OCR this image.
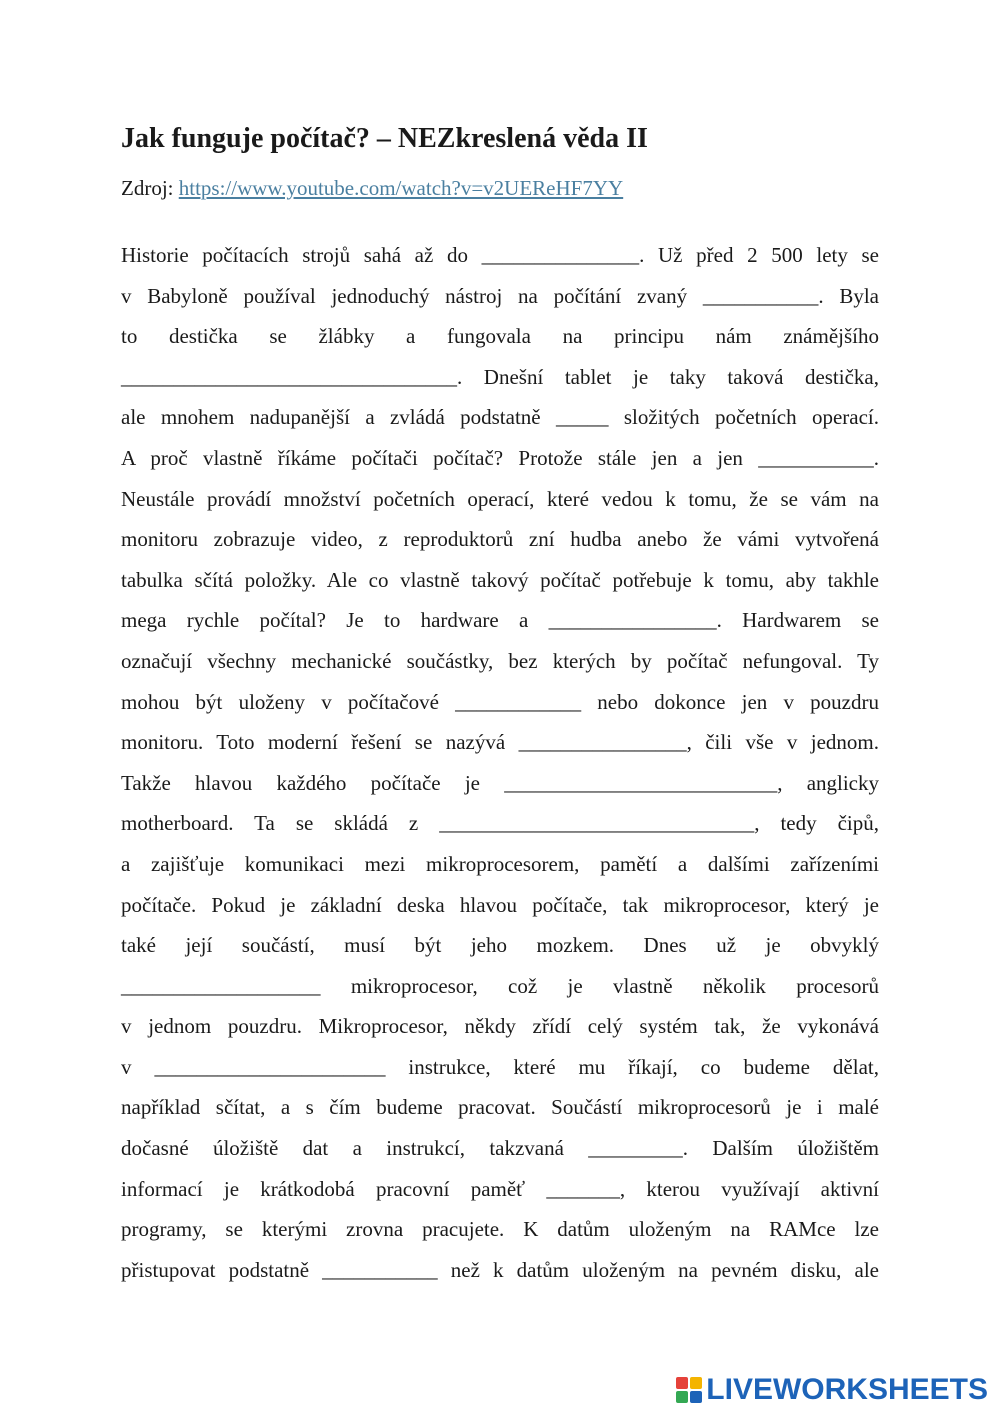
Jak funguje počítač? – NEZkreslená věda II
Zdroj: https://www.youtube.com/watch?v=v2UEReHF7YY
Historie počítacích strojů sahá až do _______________. Už před 2 500 lety se
v Babyloně používal jednoduchý nástroj na počítání zvaný ___________. Byla
to destička se žlábky a fungovala na principu nám známějšího
________________________________. Dnešní tablet je taky taková destička,
ale mnohem nadupanější a zvládá podstatně _____ složitých početních operací.
A proč vlastně říkáme počítači počítač? Protože stále jen a jen ___________.
Neustále provádí množství početních operací, které vedou k tomu, že se vám na
monitoru zobrazuje video, z reproduktorů zní hudba anebo že vámi vytvořená
tabulka sčítá položky. Ale co vlastně takový počítač potřebuje k tomu, aby takhle
mega rychle počítal? Je to hardware a ________________. Hardwarem se
označují všechny mechanické součástky, bez kterých by počítač nefungoval. Ty
mohou být uloženy v počítačové ____________ nebo dokonce jen v pouzdru
monitoru. Toto moderní řešení se nazývá ________________, čili vše v jednom.
Takže hlavou každého počítače je __________________________, anglicky
motherboard. Ta se skládá z ______________________________, tedy čipů,
a zajišťuje komunikaci mezi mikroprocesorem, pamětí a dalšími zařízeními
počítače. Pokud je základní deska hlavou počítače, tak mikroprocesor, který je
také její součástí, musí být jeho mozkem. Dnes už je obvyklý
___________________ mikroprocesor, což je vlastně několik procesorů
v jednom pouzdru. Mikroprocesor, někdy zřídí celý systém tak, že vykonává
v ______________________ instrukce, které mu říkají, co budeme dělat,
například sčítat, a s čím budeme pracovat. Součástí mikroprocesorů je i malé
dočasné úložiště dat a instrukcí, takzvaná _________. Dalším úložištěm
informací je krátkodobá pracovní paměť _______, kterou využívají aktivní
programy, se kterými zrovna pracujete. K datům uloženým na RAMce lze
přistupovat podstatně ___________ než k datům uloženým na pevném disku, ale
LIVEWORKSHEETS
